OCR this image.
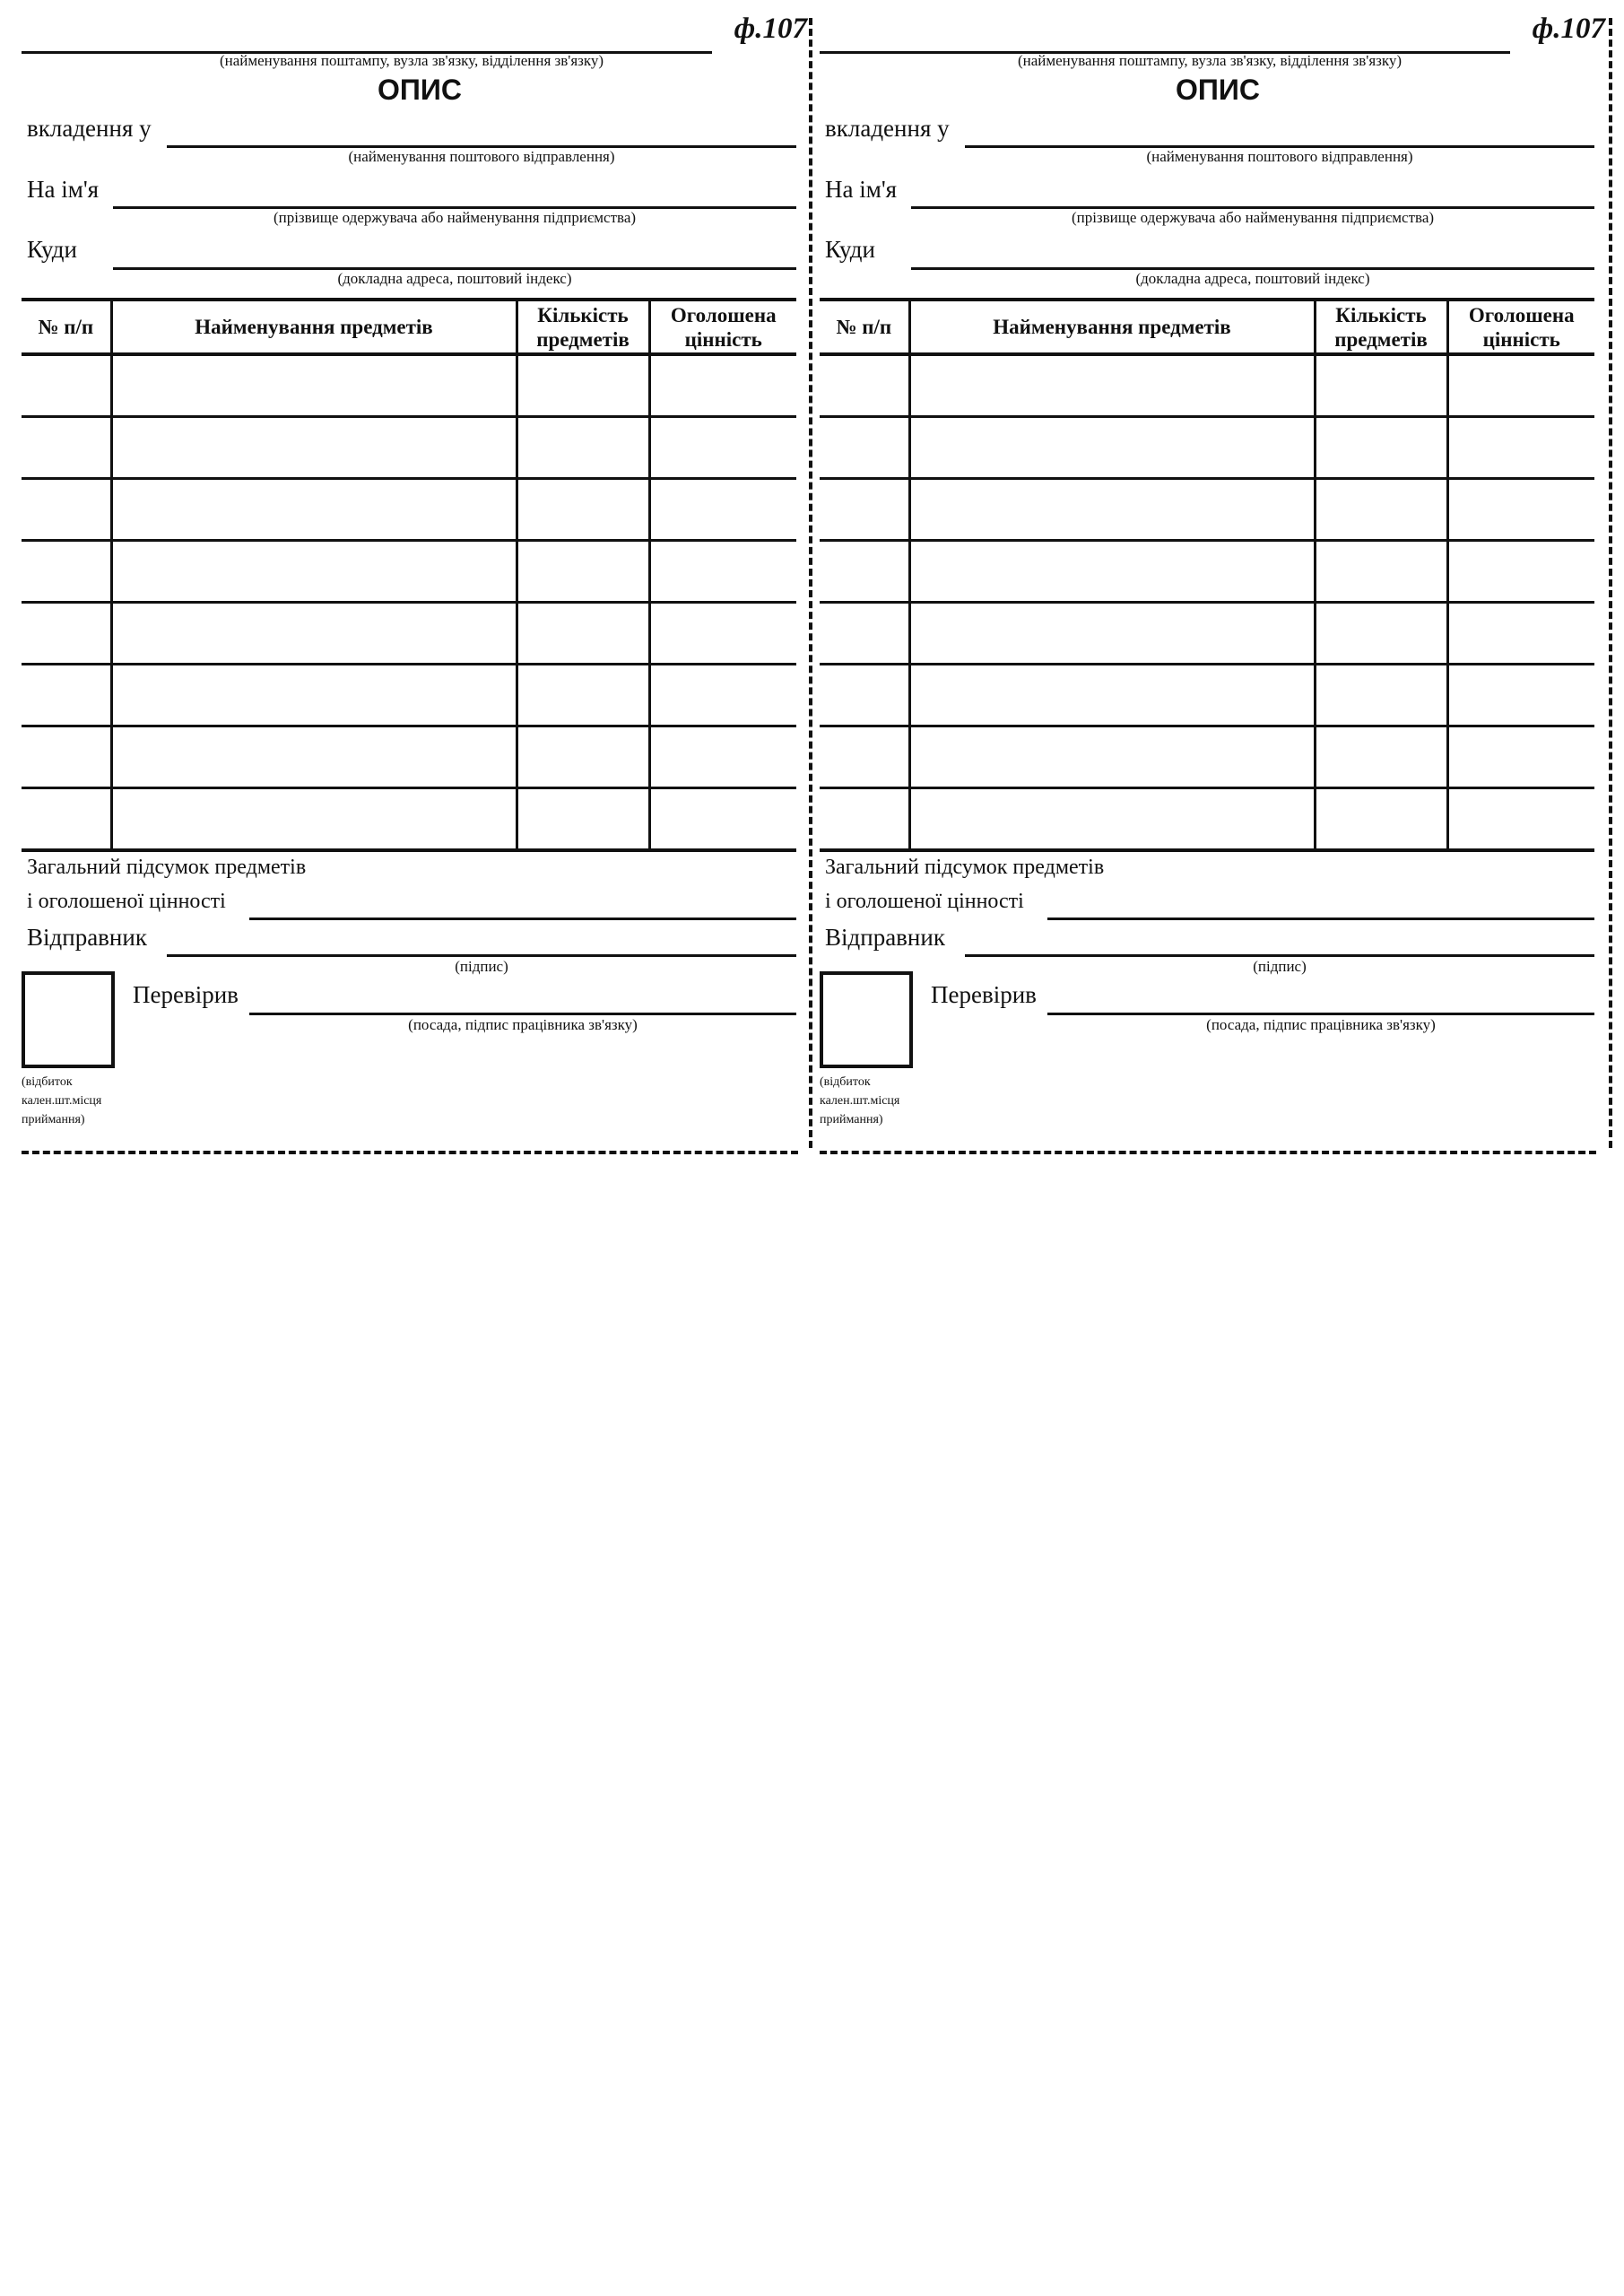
ф.107
(найменування поштампу, вузла зв'язку, відділення зв'язку)
ОПИС
вкладення у
(найменування поштового відправлення)
На ім'я
(прізвище одержувача або найменування підприємства)
Куди
(докладна адреса, поштовий індекс)
№ п/п	Найменування предметів	Кількість предметів	Оголошена цінність

Загальний підсумок предметів
і оголошеної цінності
Відправник
(підпис)
Перевірив
(посада, підпис працівника зв'язку)
(відбиток
кален.шт.місця
приймання)
ф.107
(найменування поштампу, вузла зв'язку, відділення зв'язку)
ОПИС
вкладення у
(найменування поштового відправлення)
На ім'я
(прізвище одержувача або найменування підприємства)
Куди
(докладна адреса, поштовий індекс)
№ п/п	Найменування предметів	Кількість предметів	Оголошена цінність

Загальний підсумок предметів
і оголошеної цінності
Відправник
(підпис)
Перевірив
(посада, підпис працівника зв'язку)
(відбиток
кален.шт.місця
приймання)
